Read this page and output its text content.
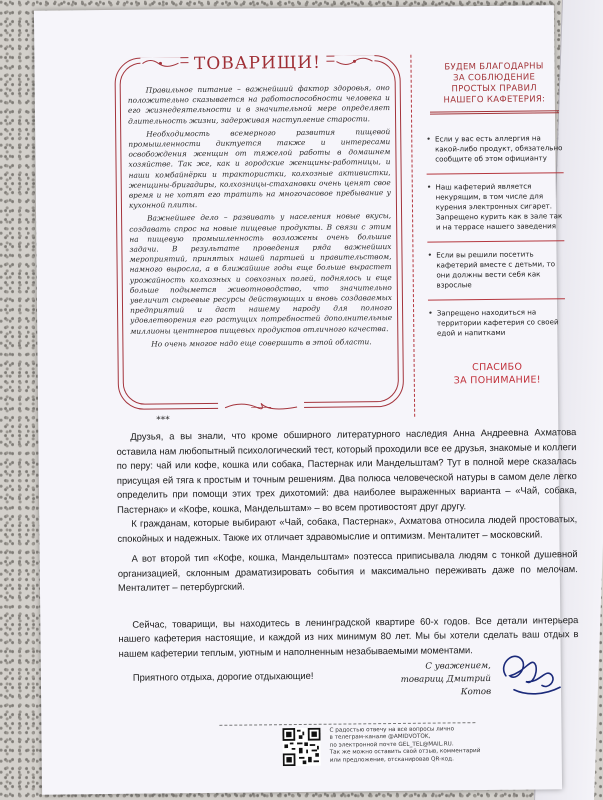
ТОВАРИЩИ!

Правильное питание – важнейший фактор здоровья, оно положительно сказывается на работоспособности человека и его жизнедеятельности и в значительной мере определяет длительность жизни, задерживая наступление старости.

Необходимость всемерного развития пищевой промышленности диктуется также и интересами освобождения женщин от тяжелой работы в домашнем хозяйстве. Так же, как и городские женщины-работницы, и наши комбайнёрки и трактористки, колхозные активистки, женщины-бригадиры, колхозницы-стахановки очень ценят свое время и не хотят его тратить на многочасовое пребывание у кухонной плиты.

Важнейшее дело – развивать у населения новые вкусы, создавать спрос на новые пищевые продукты. В связи с этим на пищевую промышленность возложены очень большие задачи. В результате проведения ряда важнейших мероприятий, принятых нашей партией и правительством, намного выросла, а в ближайшие годы еще больше вырастет урожайность колхозных и совхозных полей, поднялось и еще больше подымется животноводство, что значительно увеличит сырьевые ресурсы действующих и вновь создаваемых предприятий и даст нашему народу для полного удовлетворения его растущих потребностей дополнительные миллионы центнеров пищевых продуктов отличного качества.

Но очень многое надо еще совершить в этой области.

БУДЕМ БЛАГОДАРНЫ
ЗА СОБЛЮДЕНИЕ
ПРОСТЫХ ПРАВИЛ
НАШЕГО КАФЕТЕРИЯ:
• Если у вас есть аллергия на какой-либо продукт, обязательно сообщите об этом официанту
• Наш кафетерий является некурящим, в том числе для курения электронных сигарет. Запрещено курить как в зале так и на террасе нашего заведения
• Если вы решили посетить кафетерий вместе с детьми, то они должны вести себя как взрослые
• Запрещено находиться на территории кафетерия со своей едой и напитками
СПАСИБО
ЗА ПОНИМАНИЕ!
***

Друзья, а вы знали, что кроме обширного литературного наследия Анна Андреевна Ахматова оставила нам любопытный психологический тест, который проходили все ее друзья, знакомые и коллеги по перу: чай или кофе, кошка или собака, Пастернак или Мандельштам? Тут в полной мере сказалась присущая ей тяга к простым и точным решениям. Два полюса человеческой натуры в самом деле легко определить при помощи этих трех дихотомий: два наиболее выраженных варианта – «Чай, собака, Пастернак» и «Кофе, кошка, Мандельштам» – во всем противостоят друг другу.

К гражданам, которые выбирают «Чай, собака, Пастернак», Ахматова относила людей простоватых, спокойных и надежных. Также их отличает здравомыслие и оптимизм. Менталитет – московский.

А вот второй тип «Кофе, кошка, Мандельштам» поэтесса приписывала людям с тонкой душевной организацией, склонным драматизировать события и максимально переживать даже по мелочам. Менталитет – петербургский.

Сейчас, товарищи, вы находитесь в ленинградской квартире 60-х годов. Все детали интерьера нашего кафетерия настоящие, и каждой из них минимум 80 лет. Мы бы хотели сделать ваш отдых в нашем кафетерии теплым, уютным и наполненным незабываемыми моментами.

Приятного отдыха, дорогие отдыхающие!

С уважением,
товарищ Дмитрий Котов
С радостью отвечу на все вопросы лично
в телеграм-канале @AMIDVOTOK,
по электронной почте GEL_TEL@MAIL.RU.
Так же можно оставить свой отзыв, комментарий
или предложение, отсканировав QR-код.
